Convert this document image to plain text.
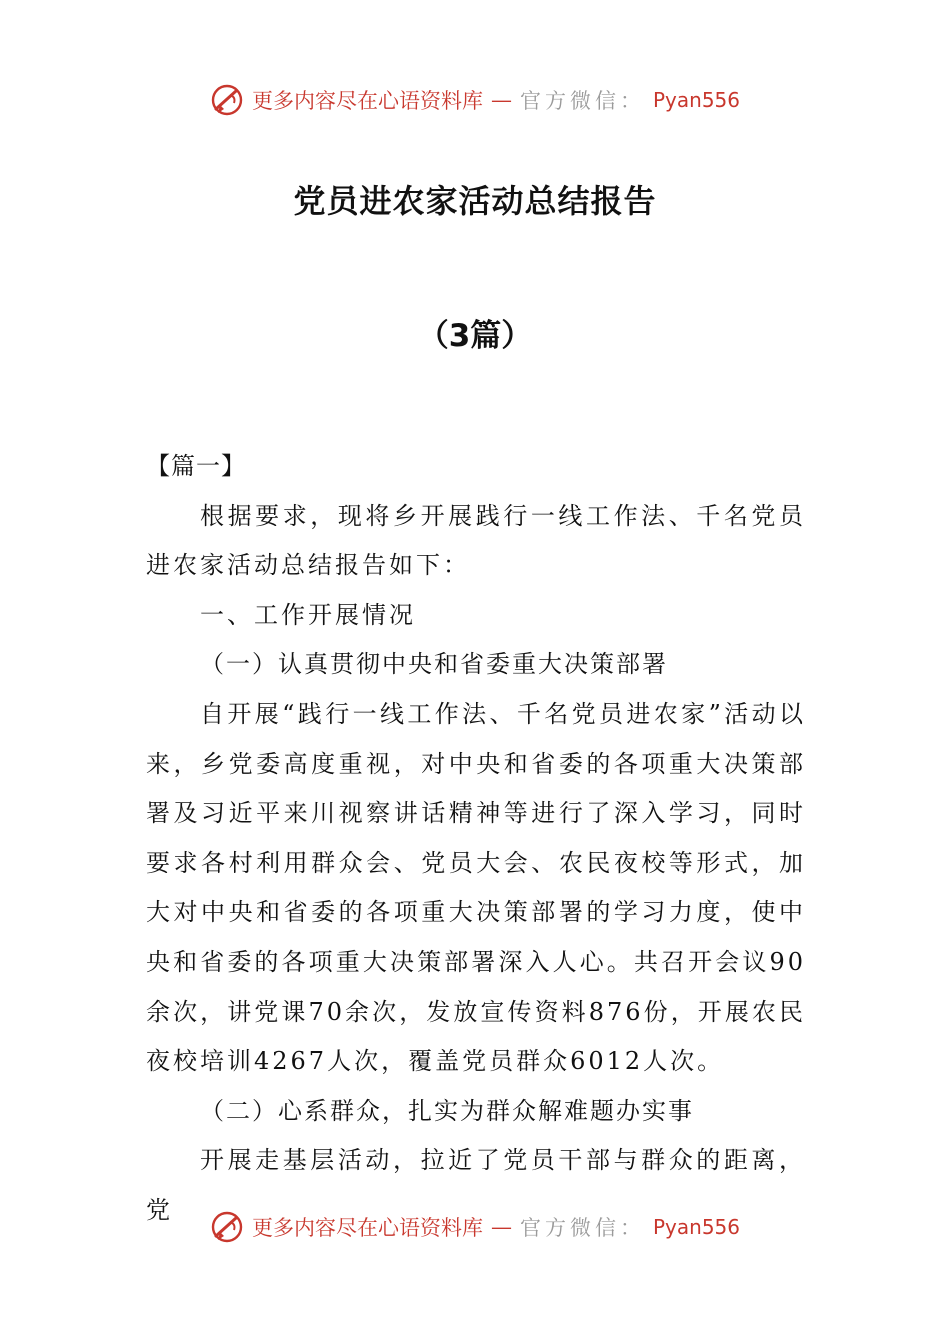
更多内容尽在心语资料库 — 官方微信： Pyan556
党员进农家活动总结报告
（3篇）

【篇一】

根据要求，现将乡开展践行一线工作法、千名党员进农家活动总结报告如下：

一、工作开展情况

（一）认真贯彻中央和省委重大决策部署

自开展“践行一线工作法、千名党员进农家”活动以来，乡党委高度重视，对中央和省委的各项重大决策部署及习近平来川视察讲话精神等进行了深入学习，同时要求各村利用群众会、党员大会、农民夜校等形式，加大对中央和省委的各项重大决策部署的学习力度，使中央和省委的各项重大决策部署深入人心。共召开会议90余次，讲党课70余次，发放宣传资料876份，开展农民夜校培训4267人次，覆盖党员群众6012人次。

（二）心系群众，扎实为群众解难题办实事

开展走基层活动，拉近了党员干部与群众的距离，党

更多内容尽在心语资料库 — 官方微信： Pyan556
